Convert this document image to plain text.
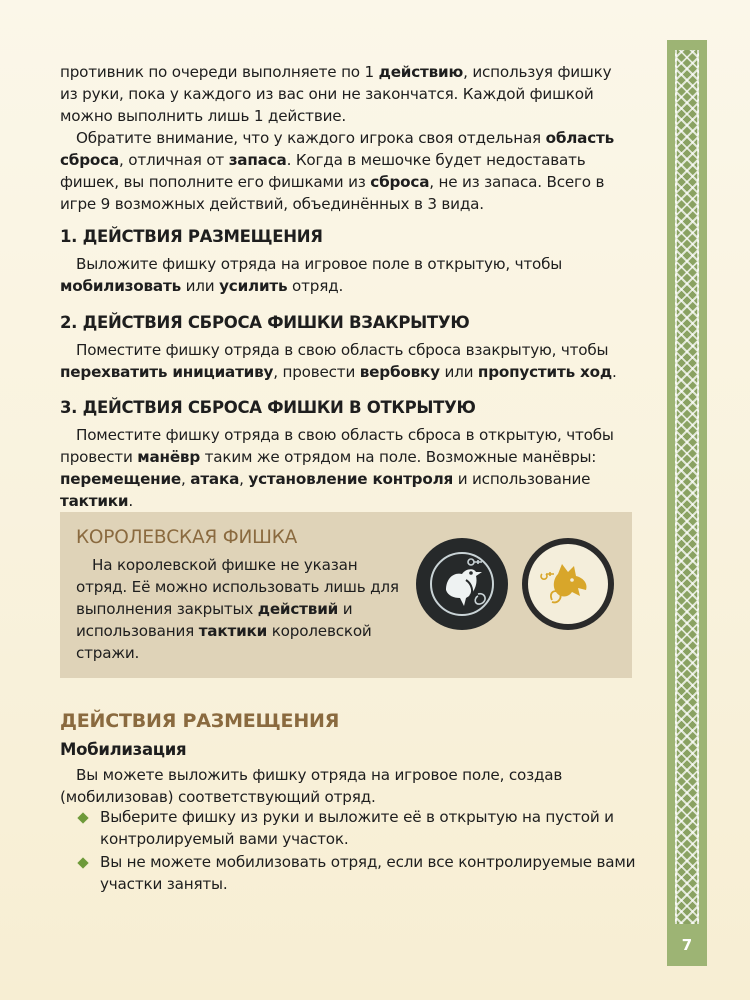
противник по очереди выполняете по 1 действию, используя фишку из руки, пока у каждого из вас они не закончатся. Каждой фишкой можно выполнить лишь 1 действие.

Обратите внимание, что у каждого игрока своя отдельная область сброса, отличная от запаса. Когда в мешочке будет недоставать фишек, вы пополните его фишками из сброса, не из запаса. Всего в игре 9 возможных действий, объединённых в 3 вида.

1. ДЕЙСТВИЯ РАЗМЕЩЕНИЯ

Выложите фишку отряда на игровое поле в открытую, чтобы мобилизовать или усилить отряд.

2. ДЕЙСТВИЯ СБРОСА ФИШКИ ВЗАКРЫТУЮ

Поместите фишку отряда в свою область сброса взакрытую, чтобы перехватить инициативу, провести вербовку или пропустить ход.

3. ДЕЙСТВИЯ СБРОСА ФИШКИ В ОТКРЫТУЮ

Поместите фишку отряда в свою область сброса в открытую, чтобы провести манёвр таким же отрядом на поле. Возможные манёвры: перемещение, атака, установление контроля и использование тактики.

КОРОЛЕВСКАЯ ФИШКА

На королевской фишке не указан отряд. Её можно использовать лишь для выполнения закрытых действий и использования тактики королевской стражи.

ДЕЙСТВИЯ РАЗМЕЩЕНИЯ
Мобилизация

Вы можете выложить фишку отряда на игровое поле, создав (мобилизовав) соответствующий отряд.

Выберите фишку из руки и выложите её в открытую на пустой и контролируемый вами участок.
Вы не можете мобилизовать отряд, если все контролируемые вами участки заняты.
7
